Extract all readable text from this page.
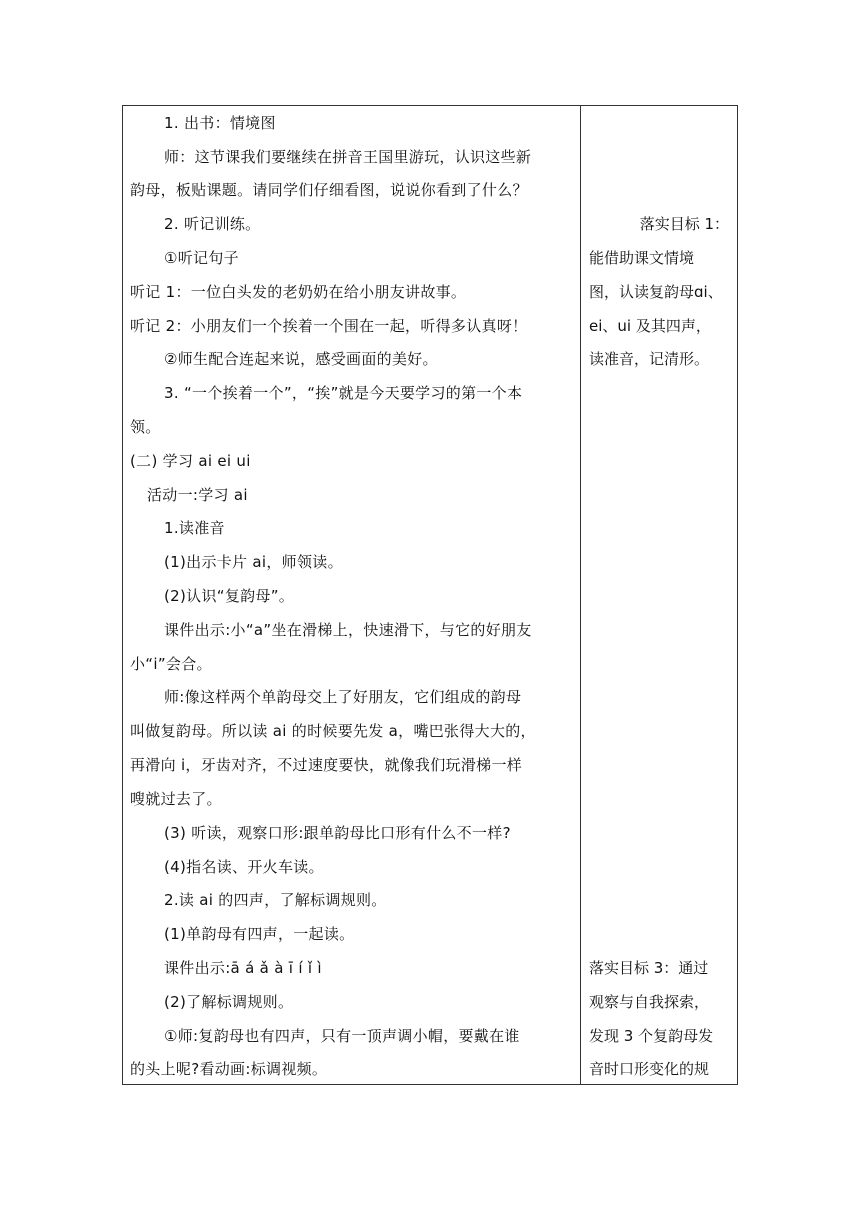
1. 出书：情境图
师：这节课我们要继续在拼音王国里游玩，认识这些新
韵母，板贴课题。请同学们仔细看图，说说你看到了什么？
2. 听记训练。
①听记句子
听记 1：一位白头发的老奶奶在给小朋友讲故事。
听记 2：小朋友们一个挨着一个围在一起，听得多认真呀！
②师生配合连起来说，感受画面的美好。
3. “一个挨着一个”，“挨”就是今天要学习的第一个本
领。
(二) 学习 ai ei ui
活动一:学习 ai
1.读准音
(1)出示卡片 ai，师领读。
(2)认识“复韵母”。
课件出示:小“a”坐在滑梯上，快速滑下，与它的好朋友
小“i”会合。
师:像这样两个单韵母交上了好朋友，它们组成的韵母
叫做复韵母。所以读 ai 的时候要先发 a，嘴巴张得大大的，
再滑向 i，牙齿对齐，不过速度要快，就像我们玩滑梯一样
嗖就过去了。
(3) 听读，观察口形:跟单韵母比口形有什么不一样?
(4)指名读、开火车读。
2.读 ai 的四声，了解标调规则。
(1)单韵母有四声，一起读。
课件出示:ā á ǎ à ī í ǐ ì
(2)了解标调规则。
①师:复韵母也有四声，只有一顶声调小帽，要戴在谁
的头上呢?看动画:标调视频。
落实目标 1：
能借助课文情境
图，认读复韵母ɑi、
ei、ui 及其四声，
读准音，记清形。
落实目标 3：通过
观察与自我探索，
发现 3 个复韵母发
音时口形变化的规
